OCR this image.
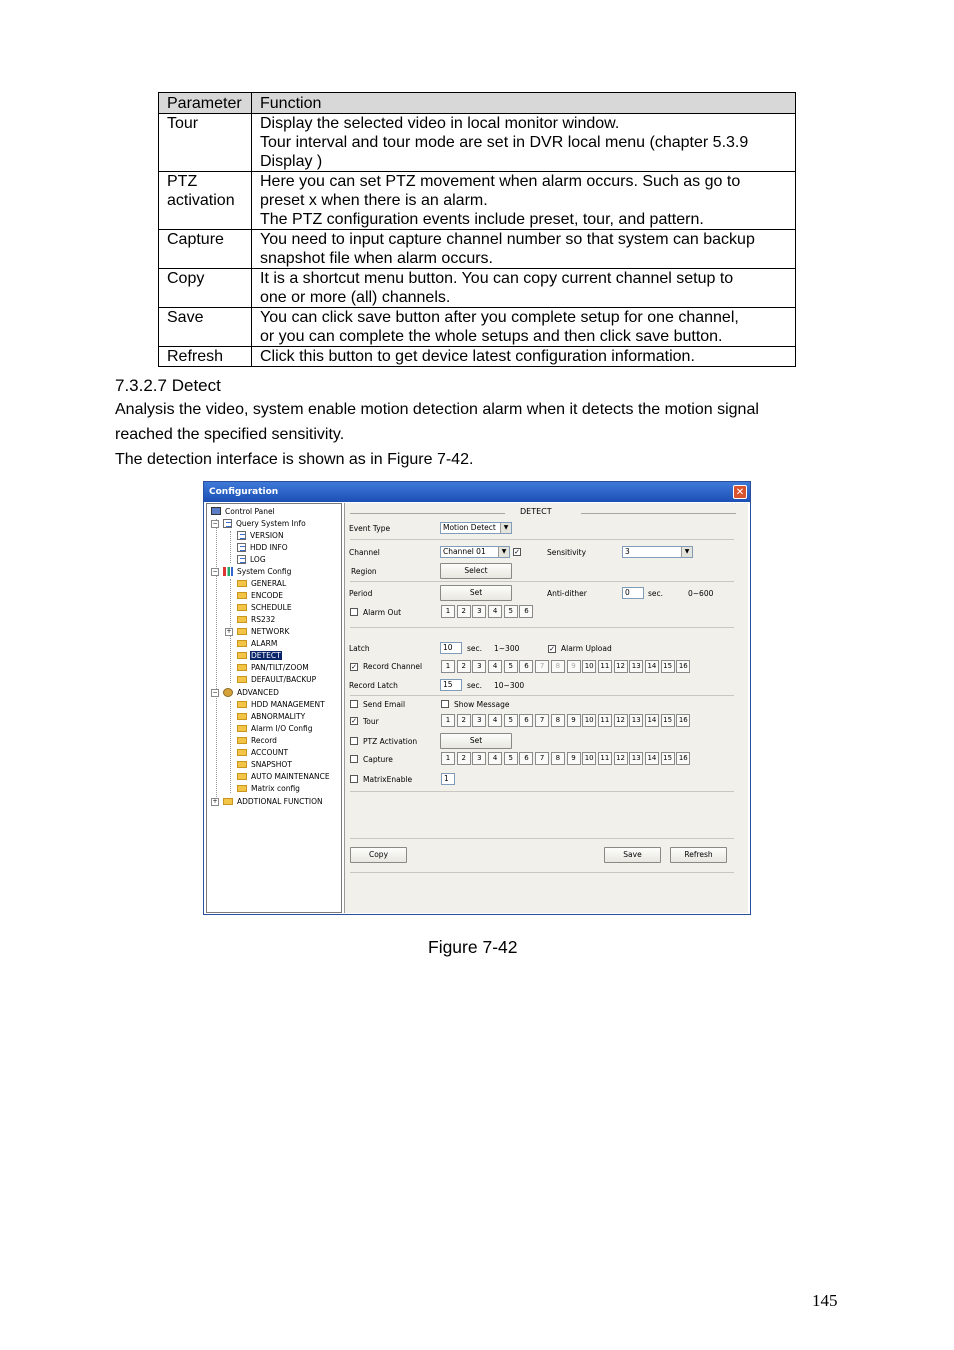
Parameter	Function

Tour	Display the selected video in local monitor window.
Tour interval and tour mode are set in DVR local menu (chapter 5.3.9
Display )

PTZ
activation	Here you can set PTZ movement when alarm occurs. Such as go to
preset x when there is an alarm.
The PTZ configuration events include preset, tour, and pattern.

Capture	You need to input capture channel number so that system can backup
snapshot file when alarm occurs.

Copy	It is a shortcut menu button. You can copy current channel setup to
one or more (all) channels.

Save	You can click save button after you complete setup for one channel,
or you can complete the whole setups and then click save button.

Refresh	Click this button to get device latest configuration information.
7.3.2.7 Detect
Analysis the video, system enable motion detection alarm when it detects the motion signal
reached the specified sensitivity.
The detection interface is shown as in Figure 7-42.
Configuration	✕
Control Panel
− Query System Info
VERSION
HDD INFO
LOG
−	System Config
GENERAL
ENCODE
SCHEDULE
RS232
+	NETWORK
ALARM
DETECT
PAN/TILT/ZOOM
DEFAULT/BACKUP
−	ADVANCED
HDD MANAGEMENT
ABNORMALITY
Alarm I/O Config
Record
ACCOUNT
SNAPSHOT
AUTO MAINTENANCE
Matrix config
+	ADDTIONAL FUNCTION
DETECT
Event Type	Motion Detect	▼
Channel	Channel 01	▼	✓	Sensitivity	3	▼
Region	Select
Period	Set	Anti-dither	0	sec.	0~600
Alarm Out	1	2	3	4	5	6
Latch	10	sec. 1~300	✓ Alarm Upload
✓ Record Channel	1	2	3	4	5	6	7	8	9	10 11 12 13 14 15 16
Record Latch	15	sec. 10~300
Send Email	Show Message
✓ Tour	1	2	3	4	5	6	7	8	9	10 11 12 13 14 15 16
PTZ Activation	Set
Capture	1	2	3	4	5	6	7	8	9	10 11 12 13 14 15 16
MatrixEnable	1
Copy	Save	Refresh
Figure 7-42
145
